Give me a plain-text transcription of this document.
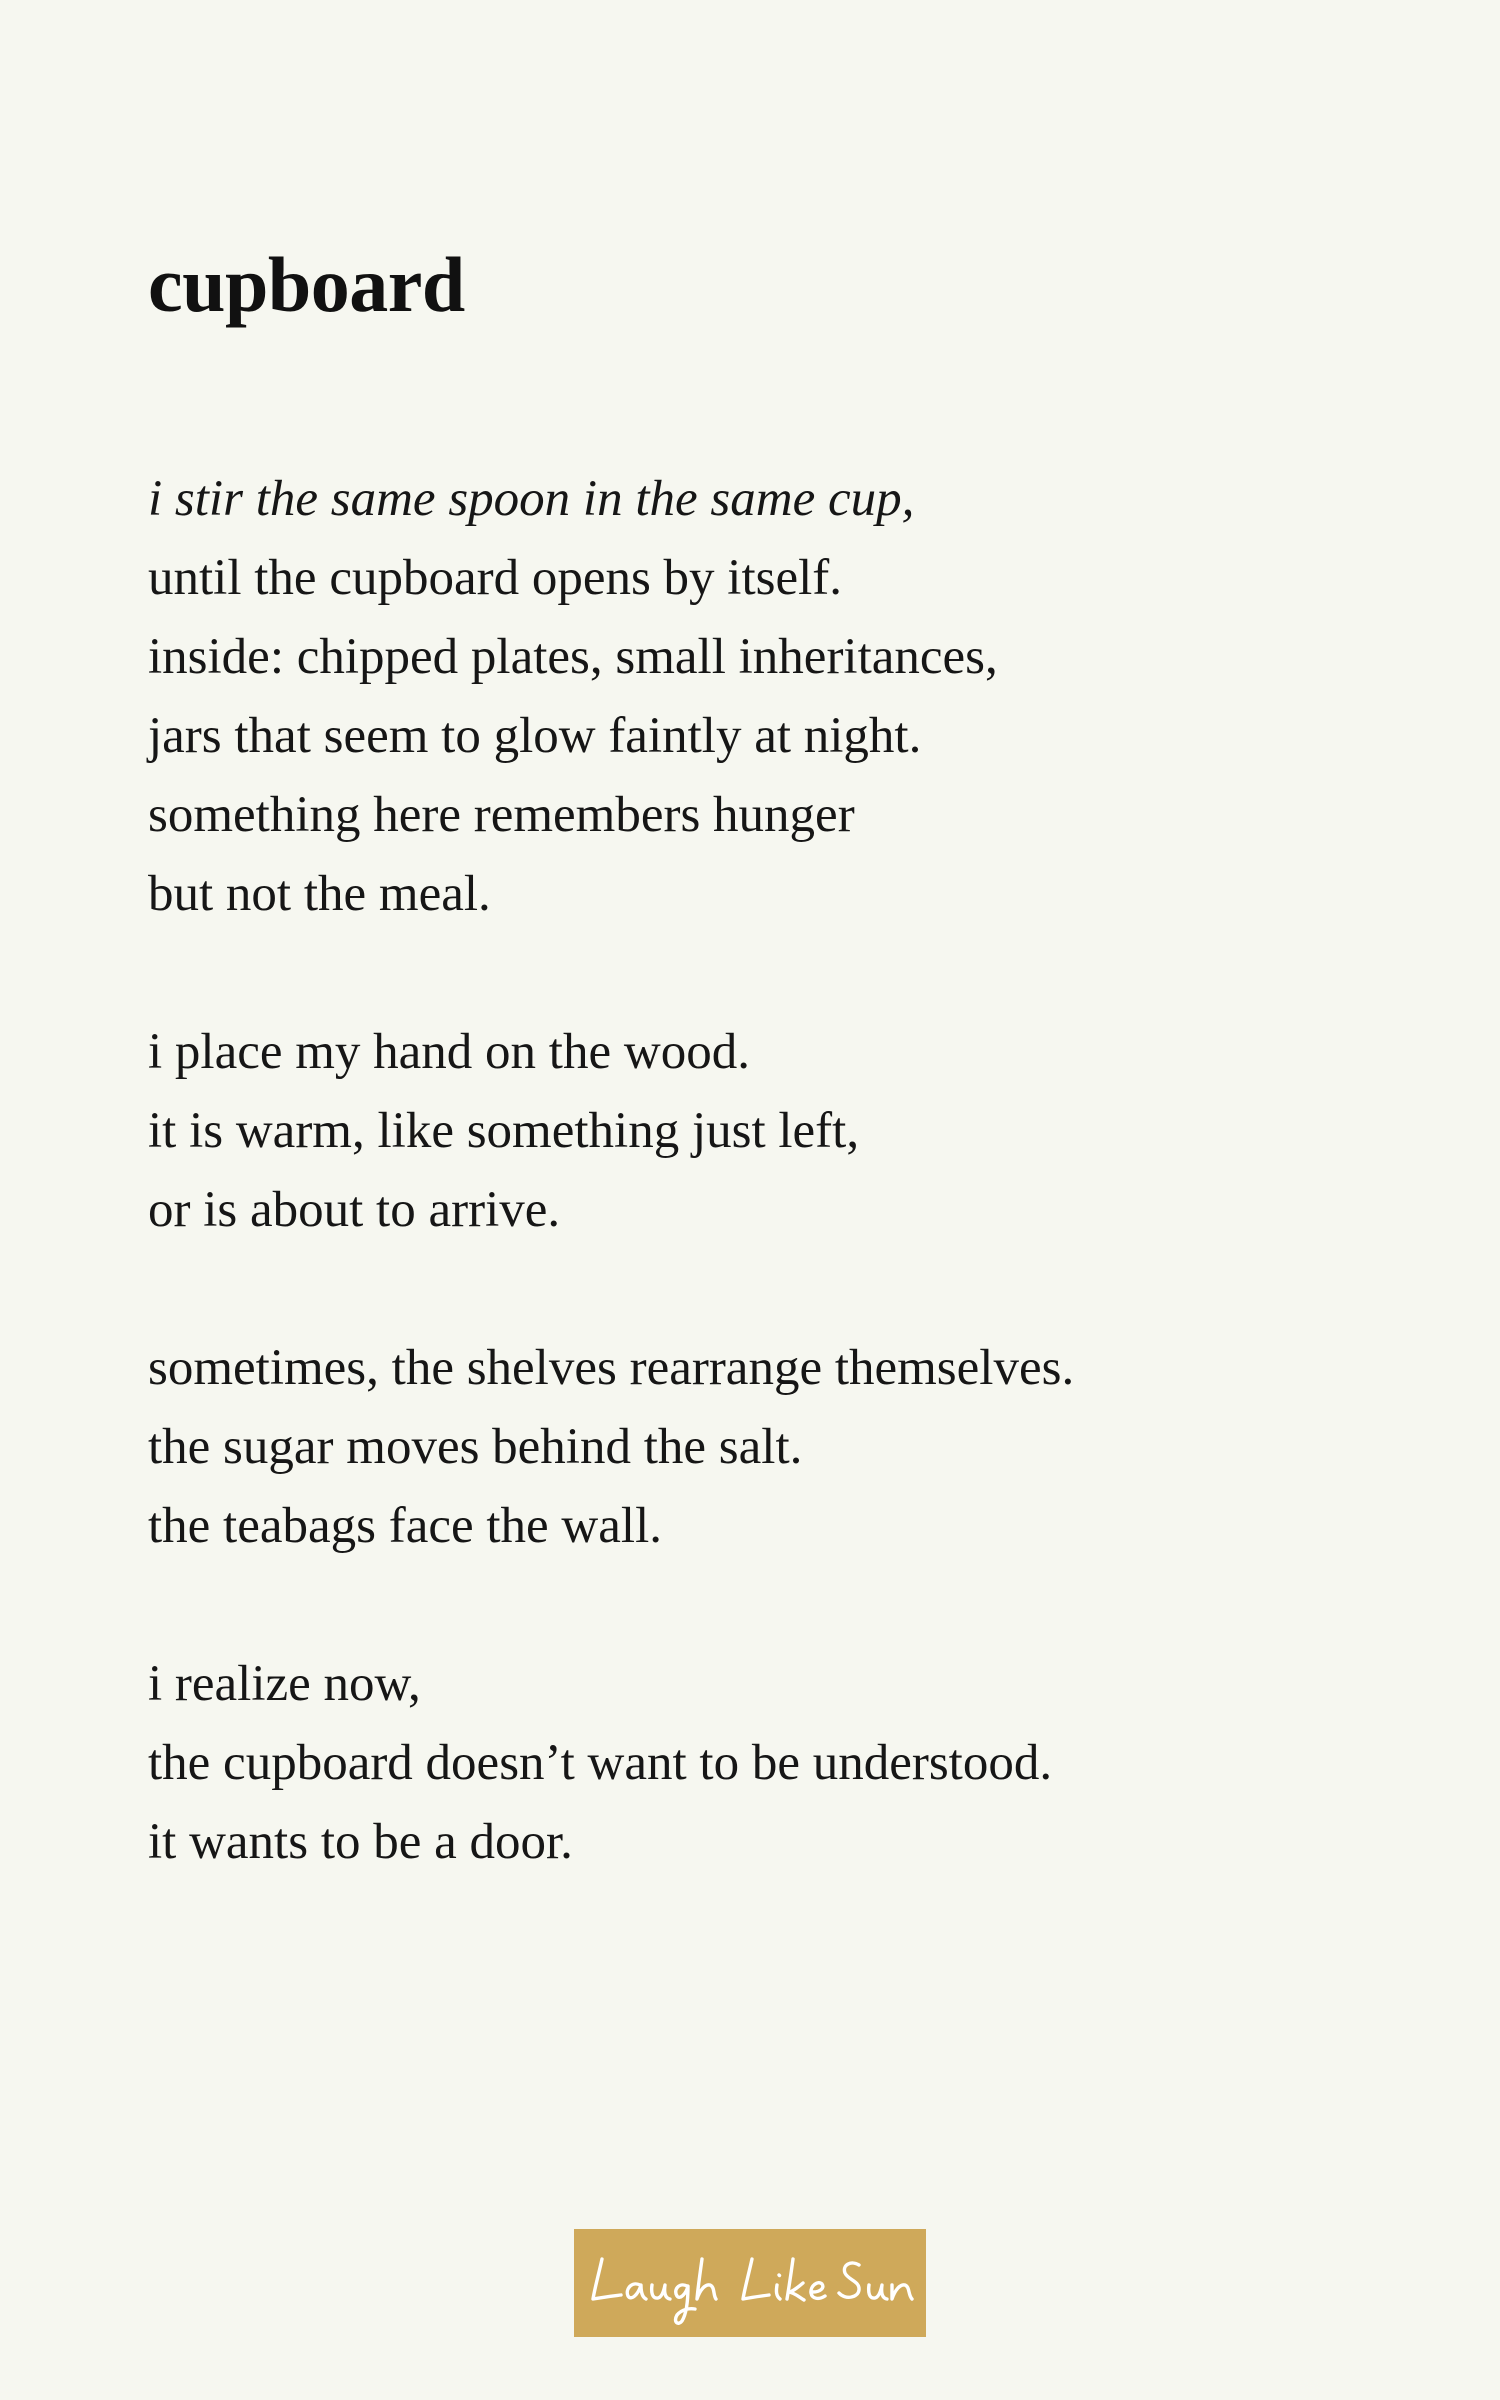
cupboard
i stir the same spoon in the same cup,
until the cupboard opens by itself.
inside: chipped plates, small inheritances,
jars that seem to glow faintly at night.
something here remembers hunger
but not the meal.
i place my hand on the wood.
it is warm, like something just left,
or is about to arrive.
sometimes, the shelves rearrange themselves.
the sugar moves behind the salt.
the teabags face the wall.
i realize now,
the cupboard doesn’t want to be understood.
it wants to be a door.
